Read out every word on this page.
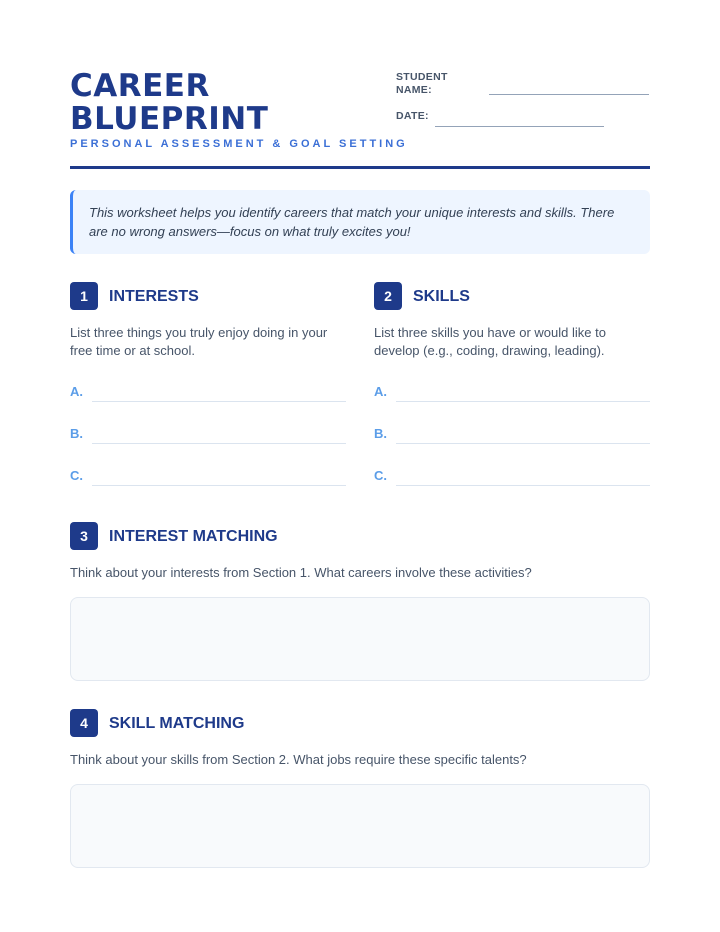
CAREER
BLUEPRINT
PERSONAL ASSESSMENT & GOAL SETTING
STUDENT
NAME:
DATE:
This worksheet helps you identify careers that match your unique interests and skills. There are no wrong answers—focus on what truly excites you!
1	INTERESTS
List three things you truly enjoy doing in your free time or at school.
A.
B.
C.
2	SKILLS
List three skills you have or would like to develop (e.g., coding, drawing, leading).
A.
B.
C.
3	INTEREST MATCHING
Think about your interests from Section 1. What careers involve these activities?
4	SKILL MATCHING
Think about your skills from Section 2. What jobs require these specific talents?
